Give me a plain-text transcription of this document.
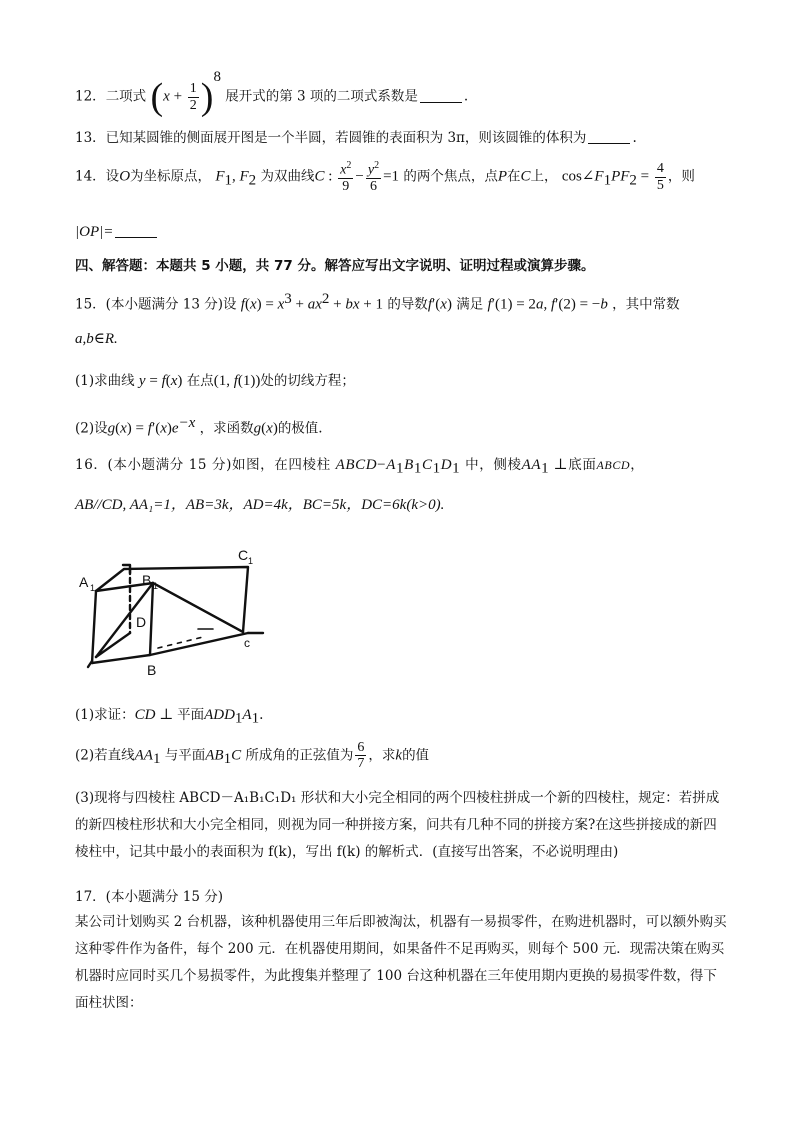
12．二项式 $(x + \frac{1}{2} )^8$ 展开式的第 3 项的二项式系数是	.
13．已知某圆锥的侧面展开图是一个半圆，若圆锥的表面积为 3π，则该圆锥的体积为	.
14．设O为坐标原点， $F_1$, $F_2$ 为双曲线C : $\frac{x^2}{9} - \frac{y^2}{6} =1$ 的两个焦点，点P在C上， $\cos\angle F_1PF_2 = \frac{4}{5}$ ，则
|OP|=
四、解答题：本题共 5 小题，共 77 分。解答应写出文字说明、证明过程或演算步骤。
15．(本小题满分 13 分)设 $f(x) = x^3 + ax^2$ + bx + 1 的导数f′(x) 满足 f′(1) = 2a, f′(2) = −b ，其中常数
a,b∈R.
(1)求曲线 y = f(x) 在点(1, f(1))处的切线方程；
(2)设$g(x) = f'(x)e^{-x}$ ，求函数g(x)的极值.
16．(本小题满分 15 分)如图，在四棱柱 $ABCD-A_1B_1C_1D_1$ 中，侧棱$AA_1$ ⊥底面ABCD，
AB//CD, AA₁=1，AB=3k，AD=4k，BC=5k，DC=6k(k>0).
A 1	B 1
C 1
D
B
c
(1)求证：CD ⊥ 平面$ADD_1A_1$.
(2)若直线$AA_1$ 与平面$AB_1C$ 所成角的正弦值为 $\frac{6}{7}$ ，求k的值
(3)现将与四棱柱 ABCD－A₁B₁C₁D₁ 形状和大小完全相同的两个四棱柱拼成一个新的四棱柱，规定：若拼成的新四棱柱形状和大小完全相同，则视为同一种拼接方案，问共有几种不同的拼接方案?在这些拼接成的新四棱柱中，记其中最小的表面积为 f(k)，写出 f(k) 的解析式．(直接写出答案，不必说明理由)
17．(本小题满分 15 分)
某公司计划购买 2 台机器，该种机器使用三年后即被淘汰，机器有一易损零件，在购进机器时，可以额外购买这种零件作为备件，每个 200 元．在机器使用期间，如果备件不足再购买，则每个 500 元．现需决策在购买机器时应同时买几个易损零件，为此搜集并整理了 100 台这种机器在三年使用期内更换的易损零件数，得下面柱状图：
